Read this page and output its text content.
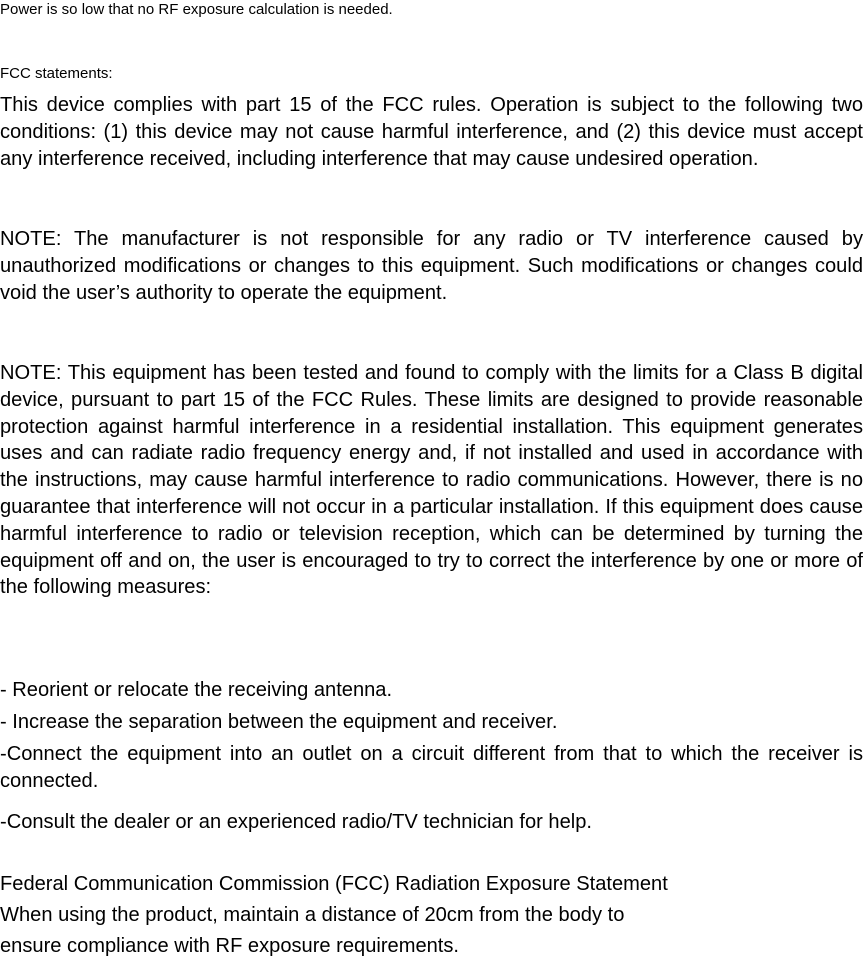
Power is so low that no RF exposure calculation is needed.
FCC statements:
This device complies with part 15 of the FCC rules. Operation is subject to the following two conditions: (1) this device may not cause harmful interference, and (2) this device must accept any interference received, including interference that may cause undesired operation.
NOTE: The manufacturer is not responsible for any radio or TV interference caused by unauthorized modifications or changes to this equipment. Such modifications or changes could void the user’s authority to operate the equipment.
NOTE: This equipment has been tested and found to comply with the limits for a Class B digital device, pursuant to part 15 of the FCC Rules. These limits are designed to provide reasonable protection against harmful interference in a residential installation. This equipment generates uses and can radiate radio frequency energy and, if not installed and used in accordance with the instructions, may cause harmful interference to radio communications. However, there is no guarantee that interference will not occur in a particular installation. If this equipment does cause harmful interference to radio or television reception, which can be determined by turning the equipment off and on, the user is encouraged to try to correct the interference by one or more of the following measures:
- Reorient or relocate the receiving antenna.
- Increase the separation between the equipment and receiver.
-Connect the equipment into an outlet on a circuit different from that to which the receiver is connected.
-Consult the dealer or an experienced radio/TV technician for help.
Federal Communication Commission (FCC) Radiation Exposure Statement
When using the product, maintain a distance of 20cm from the body to
ensure compliance with RF exposure requirements.
